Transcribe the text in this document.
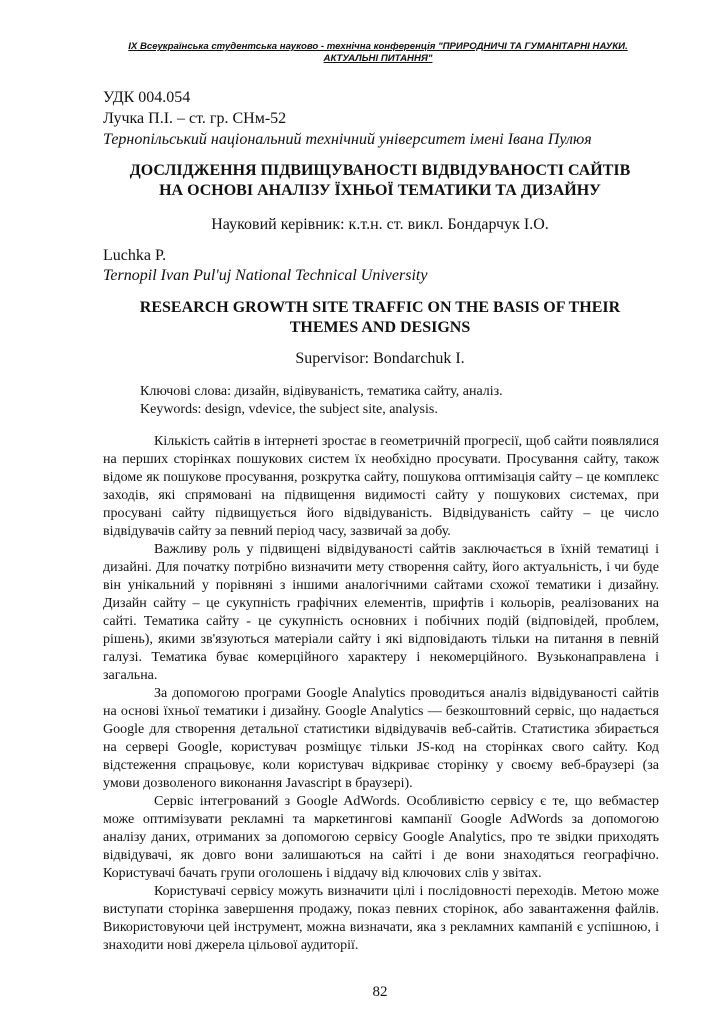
IX Всеукраїнська студентська науково - технічна конференція "ПРИРОДНИЧІ ТА ГУМАНІТАРНІ НАУКИ.
АКТУАЛЬНІ ПИТАННЯ"
УДК 004.054
Лучка П.І. – ст. гр. СНм-52
Тернопільський національний технічний університет імені Івана Пулюя
ДОСЛІДЖЕННЯ ПІДВИЩУВАНОСТІ ВІДВІДУВАНОСТІ САЙТІВ
НА ОСНОВІ АНАЛІЗУ ЇХНЬОЇ ТЕМАТИКИ ТА ДИЗАЙНУ
Науковий керівник: к.т.н. ст. викл. Бондарчук І.О.
Luchka P.
Ternopil Ivan Pul'uj National Technical University
RESEARCH GROWTH SITE TRAFFIC ON THE BASIS OF THEIR
THEMES AND DESIGNS
Supervisor: Bondarchuk I.
Ключові слова: дизайн, відівуваність, тематика сайту, аналіз.
Keywords: design, vdevice, the subject site, analysis.

Кількість сайтів в інтернеті зростає в геометричній прогресії, щоб сайти появлялися на перших сторінках пошукових систем їх необхідно просувати. Просування сайту, також відоме як пошукове просування, розкрутка сайту, пошукова оптимізація сайту – це комплекс заходів, які спрямовані на підвищення видимості сайту у пошукових системах, при просувані сайту підвищується його відвідуваність. Відвідуваність сайту – це число відвідувачів сайту за певний період часу, зазвичай за добу.

Важливу роль у підвищені відвідуваності сайтів заключається в їхній тематиці і дизайні. Для початку потрібно визначити мету створення сайту, його актуальність, і чи буде він унікальний у порівняні з іншими аналогічними сайтами схожої тематики і дизайну. Дизайн сайту – це сукупність графічних елементів, шрифтів і кольорів, реалізованих на сайті. Тематика сайту - це сукупність основних і побічних подій (відповідей, проблем, рішень), якими зв'язуються матеріали сайту і які відповідають тільки на питання в певній галузі. Тематика буває комерційного характеру і некомерційного. Вузьконаправлена і загальна.

За допомогою програми Google Analytics проводиться аналіз відвідуваності сайтів на основі їхньої тематики і дизайну. Google Analytics — безкоштовний сервіс, що надається Google для створення детальної статистики відвідувачів веб-сайтів. Статистика збирається на сервері Google, користувач розміщує тільки JS-код на сторінках свого сайту. Код відстеження спрацьовує, коли користувач відкриває сторінку у своєму веб-браузері (за умови дозволеного виконання Javascript в браузері).

Сервіс інтегрований з Google AdWords. Особливістю сервісу є те, що вебмастер може оптимізувати рекламні та маркетингові кампанії Google AdWords за допомогою аналізу даних, отриманих за допомогою сервісу Google Analytics, про те звідки приходять відвідувачі, як довго вони залишаються на сайті і де вони знаходяться географічно. Користувачі бачать групи оголошень і віддачу від ключових слів у звітах.

Користувачі сервісу можуть визначити цілі і послідовності переходів. Метою може виступати сторінка завершення продажу, показ певних сторінок, або завантаження файлів. Використовуючи цей інструмент, можна визначати, яка з рекламних кампаній є успішною, і знаходити нові джерела цільової аудиторії.

82
